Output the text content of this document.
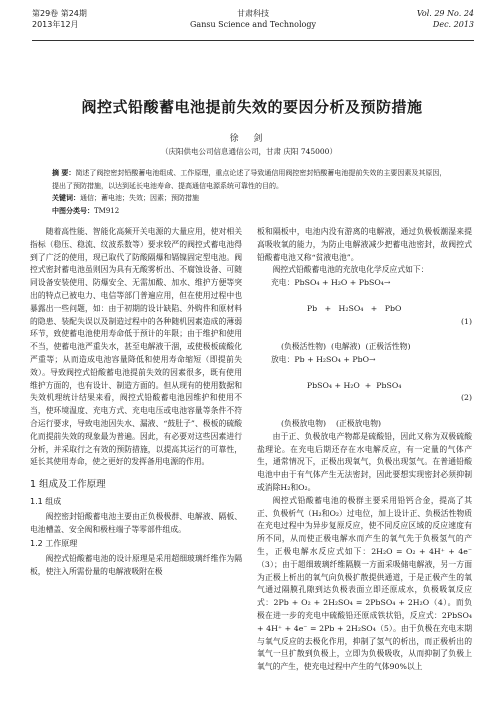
第29卷 第24期
2013年12月
甘肃科技
Gansu Science and Technology
Vol. 29 No. 24
Dec. 2013
阀控式铅酸蓄电池提前失效的要因分析及预防措施
徐 剑
（庆阳供电公司信息通信公司，甘肃 庆阳 745000）

摘 要：简述了阀控密封铅酸蓄电池组成、工作原理，重点论述了导致通信用阀控密封铅酸蓄电池提前失效的主要因素及其原因，提出了预防措施，以达到延长电池寿命、提高通信电源系统可靠性的目的。

关键词：通信；蓄电池；失效；因素；预防措施

中图分类号：TM912

随着高性能、智能化高频开关电源的大量应用，使对相关指标（稳压、稳流、纹波系数等）要求较严的阀控式蓄电池得到了广泛的使用，现已取代了防酸隔爆和镉镍固定型电池。阀控式密封蓄电池虽则因为具有无酸雾析出、不腐蚀设备、可随同设备安装使用、防爆安全、无需加酸、加水、维护方便等突出的特点已被电力、电信等部门普遍应用，但在使用过程中也暴露出一些问题，如：由于初期的设计缺陷、外购件和原材料的隐患、装配失误以及制造过程中的各种随机因素造成的薄弱环节，致使蓄电池使用寿命低于预计的年限；由于维护和使用不当，使蓄电池严重失水，甚至电解液干涸，或使极板硫酸化严重等；从而造成电池容量降低和使用寿命缩短（即提前失效）。导致阀控式铅酸蓄电池提前失效的因素很多，既有使用维护方面的，也有设计、制造方面的。但从现有的使用数据和失效机理统计结果来看，阀控式铅酸蓄电池因维护和使用不当，使环境温度、充电方式、充电电压或电池容量等条件不符合运行要求，导致电池因失水、漏液、“鼓肚子”、极板的硫酸化而提前失效的现象最为普遍。因此，有必要对这些因素进行分析，并采取行之有效的预防措施，以提高其运行的可靠性，延长其使用寿命，使之更好的发挥备用电源的作用。

1 组成及工作原理
1.1 组成

阀控密封铅酸蓄电池主要由正负极极群、电解液、隔板、电池槽盖、安全阀和极柱端子等零部件组成。

1.2 工作原理

阀控式铅酸蓄电池的设计原理是采用超细玻璃纤维作为隔板，使注入所需份量的电解液吸附在极

板和隔板中，电池内没有游离的电解液，通过负极板潮湿来提高吸收氧的能力，为防止电解液减少把蓄电池密封，故阀控式铅酸蓄电池又称“贫液电池”。

阀控式铅酸蓄电池的充放电化学反应式如下：

充电：PbSO₄ + H₂O + PbSO₄→

Pb   +   H₂SO₄   +   PbO

(1)

(负极活性物)  (电解液)  (正极活性物)
放电：Pb + H₂SO₄ + PbO→

PbSO₄ + H₂O  +  PbSO₄

(2)

(负极放电物)    (正极放电物)

由于正、负极放电产物都是硫酸铅，因此又称为双极硫酸盐理论。在充电后期还存在水电解反应，有一定量的气体产生，通常情况下，正极出现氧气，负极出现氢气。在普通铅酸电池中由于有气体产生无法密封，因此要想实现密封必须抑制或消除H₂和O₂。

阀控式铅酸蓄电池的极群主要采用铅钙合金，提高了其正、负极析气（H₂和O₂）过电位，加上设计正、负极活性物质在充电过程中为异步复原反应，使不同反应区域的反应速度有所不同，从而使正极电解水而产生的氧气先于负极氢气的产生，正极电解水反应式如下：2H₂O = O₂ + 4H⁺ + 4e⁻（3）；由于超细玻璃纤维隔膜一方面采吸储电解液，另一方面为正极上析出的氧气向负极扩散提供通道，于是正极产生的氧气通过隔膜孔隙到达负极表面立即还原成水，负极吸氧反应式：2Pb + O₂ + 2H₂SO₄ = 2PbSO₄ + 2H₂O（4）。而负极在进一步的充电中硫酸铅还原成铁状铅，反应式：2PbSO₄ + 4H⁺ + 4e⁻ = 2Pb + 2H₂SO₄（5）。由于负极在充电末期与氧气反应的去极化作用，抑制了氢气的析出，而正极析出的氧气一旦扩散到负极上，立即为负极吸收，从而抑制了负极上氧气的产生，使充电过程中产生的气体90%以上
